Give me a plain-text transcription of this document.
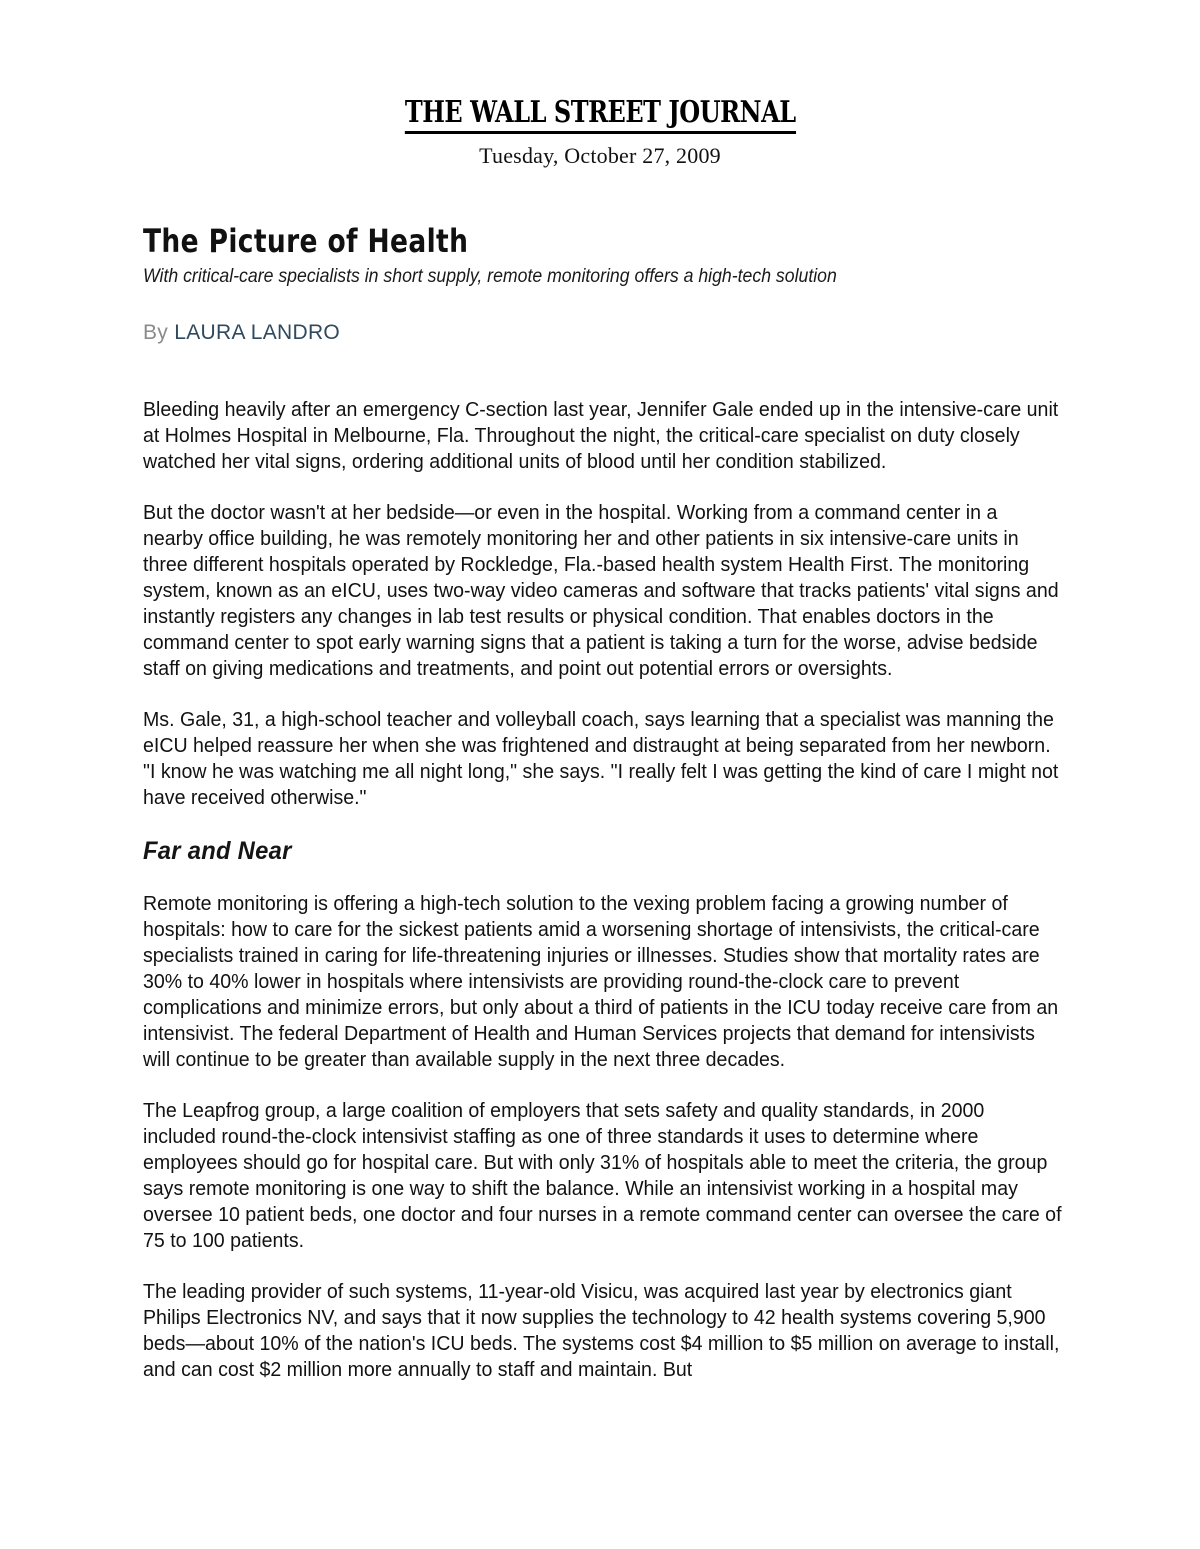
THE WALL STREET JOURNAL
Tuesday, October 27, 2009
The Picture of Health

With critical-care specialists in short supply, remote monitoring offers a high-tech solution

By LAURA LANDRO

Bleeding heavily after an emergency C-section last year, Jennifer Gale ended up in the intensive-care unit at Holmes Hospital in Melbourne, Fla. Throughout the night, the critical-care specialist on duty closely watched her vital signs, ordering additional units of blood until her condition stabilized.

But the doctor wasn't at her bedside—or even in the hospital. Working from a command center in a nearby office building, he was remotely monitoring her and other patients in six intensive-care units in three different hospitals operated by Rockledge, Fla.-based health system Health First. The monitoring system, known as an eICU, uses two-way video cameras and software that tracks patients' vital signs and instantly registers any changes in lab test results or physical condition. That enables doctors in the command center to spot early warning signs that a patient is taking a turn for the worse, advise bedside staff on giving medications and treatments, and point out potential errors or oversights.

Ms. Gale, 31, a high-school teacher and volleyball coach, says learning that a specialist was manning the eICU helped reassure her when she was frightened and distraught at being separated from her newborn. "I know he was watching me all night long," she says. "I really felt I was getting the kind of care I might not have received otherwise."

Far and Near

Remote monitoring is offering a high-tech solution to the vexing problem facing a growing number of hospitals: how to care for the sickest patients amid a worsening shortage of intensivists, the critical-care specialists trained in caring for life-threatening injuries or illnesses. Studies show that mortality rates are 30% to 40% lower in hospitals where intensivists are providing round-the-clock care to prevent complications and minimize errors, but only about a third of patients in the ICU today receive care from an intensivist. The federal Department of Health and Human Services projects that demand for intensivists will continue to be greater than available supply in the next three decades.

The Leapfrog group, a large coalition of employers that sets safety and quality standards, in 2000 included round-the-clock intensivist staffing as one of three standards it uses to determine where employees should go for hospital care. But with only 31% of hospitals able to meet the criteria, the group says remote monitoring is one way to shift the balance. While an intensivist working in a hospital may oversee 10 patient beds, one doctor and four nurses in a remote command center can oversee the care of 75 to 100 patients.

The leading provider of such systems, 11-year-old Visicu, was acquired last year by electronics giant Philips Electronics NV, and says that it now supplies the technology to 42 health systems covering 5,900 beds—about 10% of the nation's ICU beds. The systems cost $4 million to $5 million on average to install, and can cost $2 million more annually to staff and maintain. But
